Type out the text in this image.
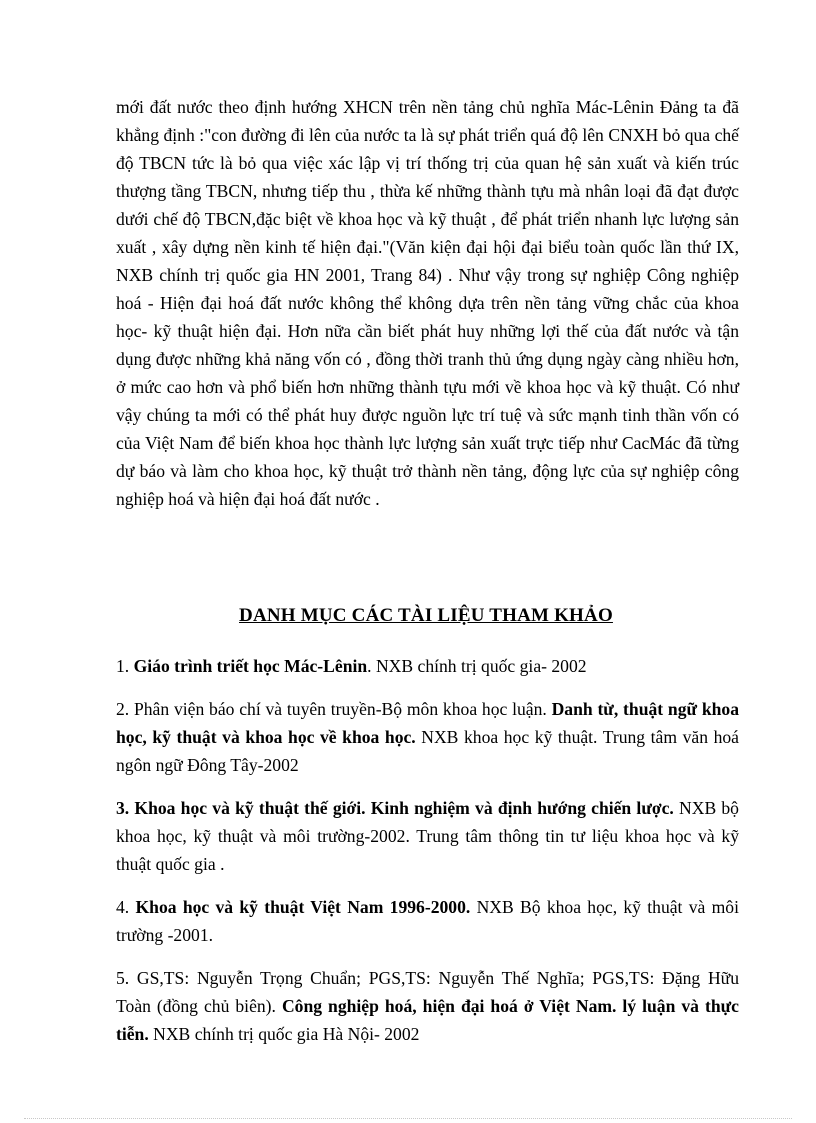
mới đất nước theo định hướng XHCN trên nền tảng chủ nghĩa Mác-Lênin Đảng ta đã khẳng định :"con đường đi lên của nước ta là sự phát triển quá độ lên CNXH bỏ qua chế độ TBCN tức là bỏ qua việc xác lập vị trí thống trị của quan hệ sản xuất và kiến trúc thượng tầng TBCN, nhưng tiếp thu , thừa kế những thành tựu mà nhân loại đã đạt được dưới chế độ TBCN,đặc biệt về khoa học và kỹ thuật , để phát triển nhanh lực lượng sản xuất , xây dựng nền kinh tế hiện đại."(Văn kiện đại hội đại biểu toàn quốc lần thứ IX, NXB chính trị quốc gia HN 2001, Trang 84) . Như vậy trong sự nghiệp Công nghiệp hoá - Hiện đại hoá đất nước không thể không dựa trên nền tảng vững chắc của khoa học- kỹ thuật hiện đại. Hơn nữa cần biết phát huy những lợi thế của đất nước và tận dụng được những khả năng vốn có , đồng thời tranh thủ ứng dụng ngày càng nhiều hơn, ở mức cao hơn và phổ biến hơn những thành tựu mới về khoa học và kỹ thuật. Có như vậy chúng ta mới có thể phát huy được nguồn lực trí tuệ và sức mạnh tinh thần vốn có của Việt Nam để biến khoa học thành lực lượng sản xuất trực tiếp như CacMác đã từng dự báo và làm cho khoa học, kỹ thuật trở thành nền tảng, động lực của sự nghiệp công nghiệp hoá và hiện đại hoá đất nước .

DANH MỤC CÁC TÀI LIỆU THAM KHẢO
1. Giáo trình triết học Mác-Lênin. NXB chính trị quốc gia- 2002
2. Phân viện báo chí và tuyên truyền-Bộ môn khoa học luận. Danh từ, thuật ngữ khoa học, kỹ thuật và khoa học về khoa học. NXB khoa học kỹ thuật. Trung tâm văn hoá ngôn ngữ Đông Tây-2002
3. Khoa học và kỹ thuật thế giới. Kinh nghiệm và định hướng chiến lược. NXB bộ khoa học, kỹ thuật và môi trường-2002. Trung tâm thông tin tư liệu khoa học và kỹ thuật quốc gia .
4. Khoa học và kỹ thuật Việt Nam 1996-2000. NXB Bộ khoa học, kỹ thuật và môi trường -2001.
5. GS,TS: Nguyễn Trọng Chuẩn; PGS,TS: Nguyễn Thế Nghĩa; PGS,TS: Đặng Hữu Toàn (đồng chủ biên). Công nghiệp hoá, hiện đại hoá ở Việt Nam. lý luận và thực tiễn. NXB chính trị quốc gia Hà Nội- 2002
